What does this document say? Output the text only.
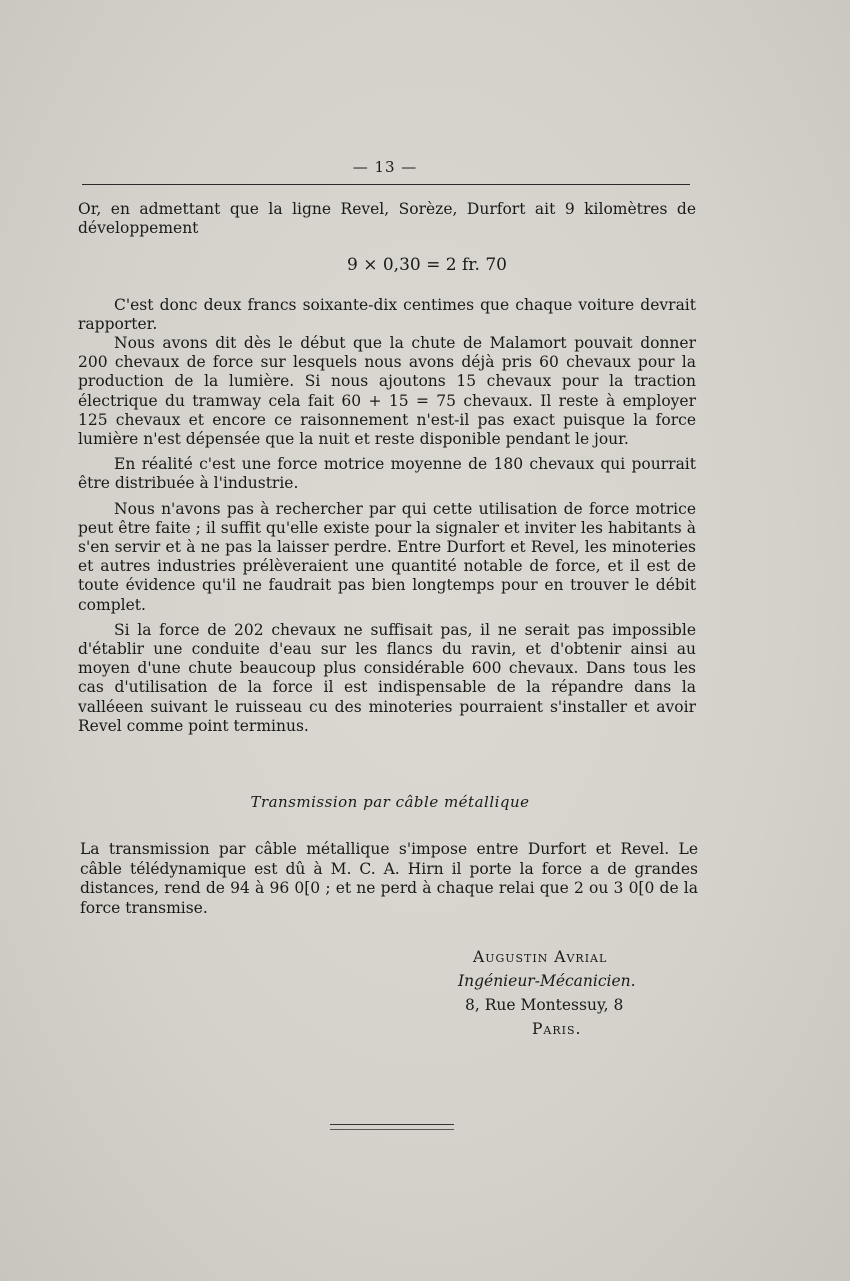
— 13 —

Or, en admettant que la ligne Revel, Sorèze, Durfort ait 9 kilomètres de développement

9 × 0,30 = 2 fr. 70

C'est donc deux francs soixante-dix centimes que chaque voiture devrait rapporter.

Nous avons dit dès le début que la chute de Malamort pouvait donner 200 chevaux de force sur lesquels nous avons déjà pris 60 chevaux pour la production de la lumière. Si nous ajoutons 15 chevaux pour la traction électrique du tramway cela fait 60 + 15 = 75 chevaux. Il reste à employer 125 chevaux et encore ce raisonnement n'est-il pas exact puisque la force lumière n'est dépensée que la nuit et reste disponible pendant le jour.

En réalité c'est une force motrice moyenne de 180 chevaux qui pourrait être distribuée à l'industrie.

Nous n'avons pas à rechercher par qui cette utilisation de force motrice peut être faite ; il suffit qu'elle existe pour la signaler et inviter les habitants à s'en servir et à ne pas la laisser perdre. Entre Durfort et Revel, les minoteries et autres industries prélèveraient une quantité notable de force, et il est de toute évidence qu'il ne faudrait pas bien longtemps pour en trouver le débit complet.

Si la force de 202 chevaux ne suffisait pas, il ne serait pas impossible d'établir une conduite d'eau sur les flancs du ravin, et d'obtenir ainsi au moyen d'une chute beaucoup plus considérable 600 chevaux. Dans tous les cas d'utilisation de la force il est indispensable de la répandre dans la valléeen suivant le ruisseau cu des minoteries pourraient s'installer et avoir Revel comme point terminus.

Transmission par câble métallique

La transmission par câble métallique s'impose entre Durfort et Revel. Le câble télédynamique est dû à M. C. A. Hirn il porte la force a de grandes distances, rend de 94 à 96 0[0 ; et ne perd à chaque relai que 2 ou 3 0[0 de la force transmise.

Augustin Avrial
Ingénieur-Mécanicien.
8, Rue Montessuy, 8
Paris.
